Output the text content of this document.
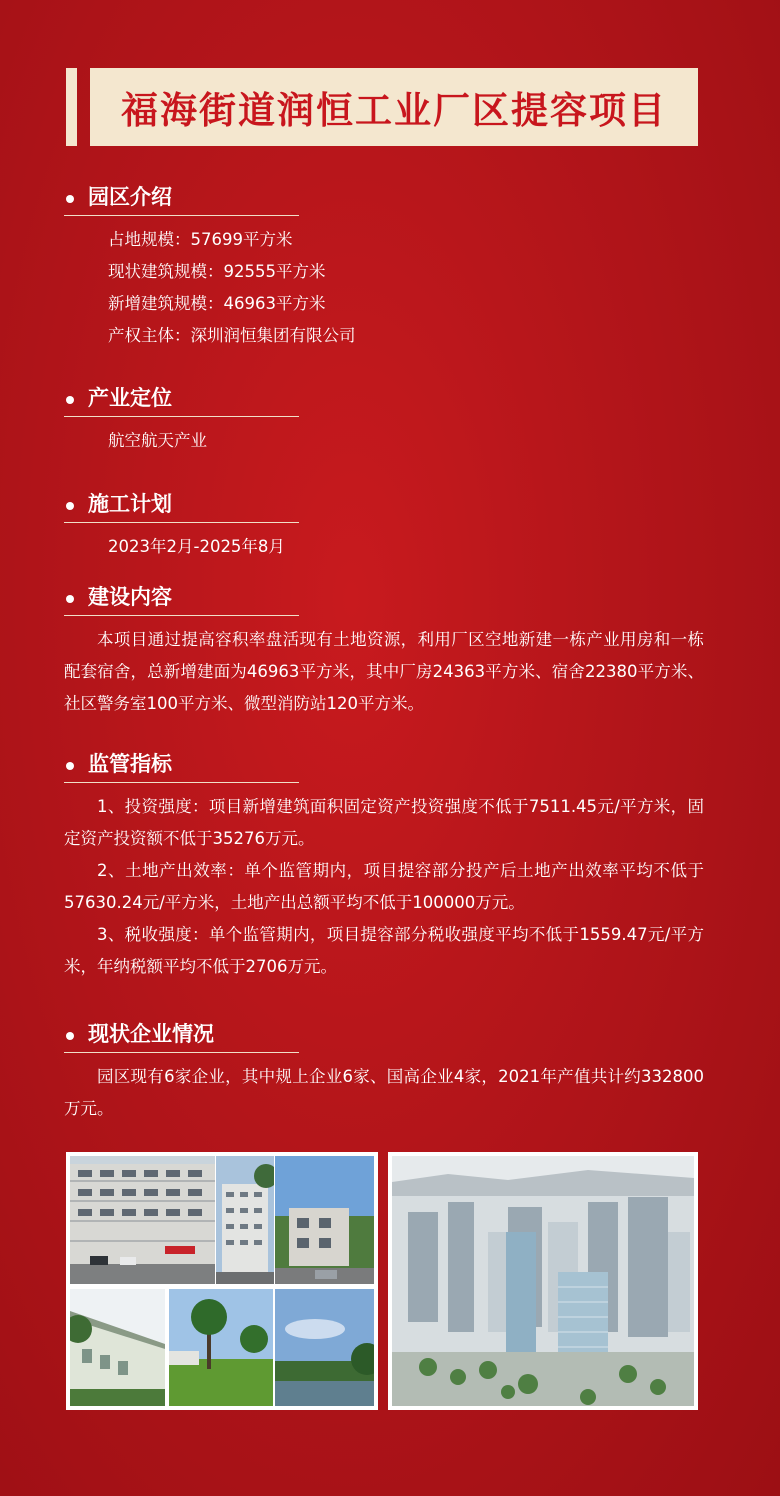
福海街道润恒工业厂区提容项目
园区介绍
占地规模：57699平方米
现状建筑规模：92555平方米
新增建筑规模：46963平方米
产权主体：深圳润恒集团有限公司
产业定位
航空航天产业
施工计划
2023年2月-2025年8月
建设内容

本项目通过提高容积率盘活现有土地资源，利用厂区空地新建一栋产业用房和一栋配套宿舍，总新增建面为46963平方米，其中厂房24363平方米、宿舍22380平方米、社区警务室100平方米、微型消防站120平方米。

监管指标

1、投资强度：项目新增建筑面积固定资产投资强度不低于7511.45元/平方米，固定资产投资额不低于35276万元。

2、土地产出效率：单个监管期内，项目提容部分投产后土地产出效率平均不低于57630.24元/平方米，土地产出总额平均不低于100000万元。

3、税收强度：单个监管期内，项目提容部分税收强度平均不低于1559.47元/平方米，年纳税额平均不低于2706万元。

现状企业情况

园区现有6家企业，其中规上企业6家、国高企业4家，2021年产值共计约332800万元。
